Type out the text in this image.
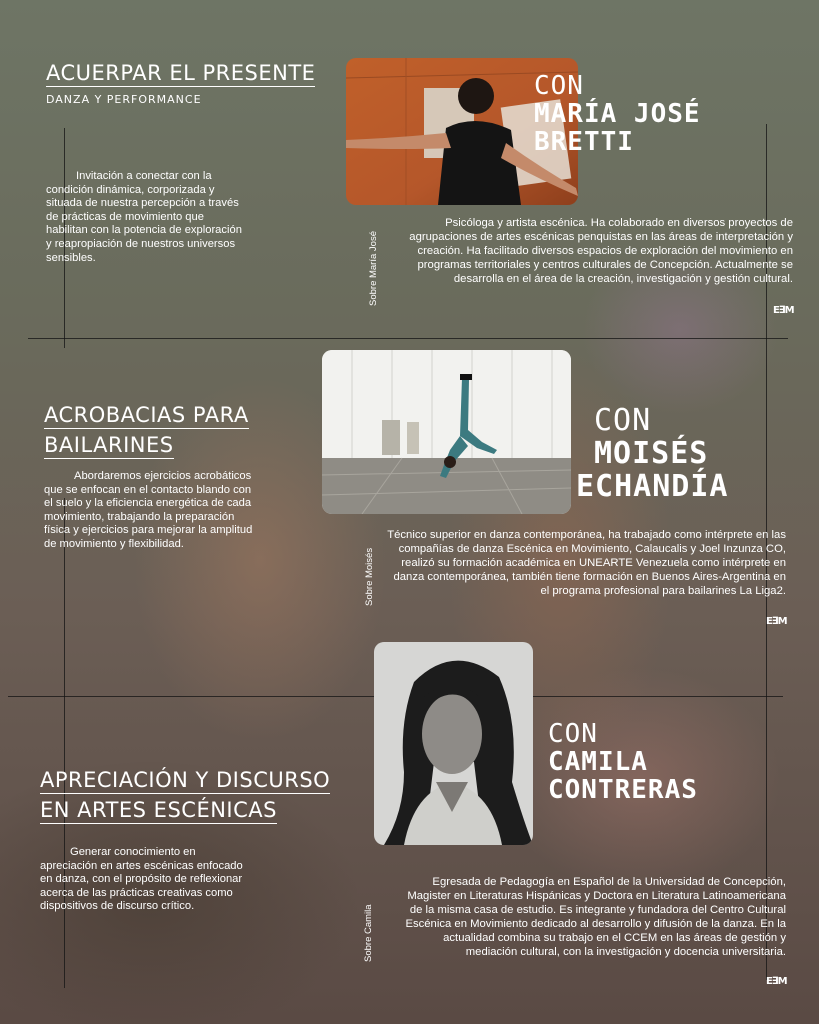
ACUERPAR EL PRESENTE
DANZA Y PERFORMANCE
Invitación a conectar con la condición dinámica, corporizada y situada de nuestra percepción a través de prácticas de movimiento que habilitan con la potencia de exploración y reapropiación de nuestros universos sensibles.
CON
MARÍA JOSÉ
BRETTI
Sobre María José
Psicóloga y artista escénica. Ha colaborado en diversos proyectos de agrupaciones de artes escénicas penquistas en las áreas de interpretación y creación. Ha facilitado diversos espacios de exploración del movimiento en programas territoriales y centros culturales de Concepción. Actualmente se desarrolla en el área de la creación, investigación y gestión cultural.
E∃M
ACROBACIAS PARA
BAILARINES
Abordaremos ejercicios acrobáticos que se enfocan en el contacto blando con el suelo y la eficiencia energética de cada movimiento, trabajando la preparación física y ejercicios para mejorar la amplitud de movimiento y flexibilidad.
CON
MOISÉS
ECHANDÍA
Sobre Moisés
Técnico superior en danza contemporánea, ha trabajado como intérprete en las compañías de danza Escénica en Movimiento, Calaucalis y Joel Inzunza CO, realizó su formación académica en UNEARTE Venezuela como intérprete en danza contemporánea, también tiene formación en Buenos Aires-Argentina en el programa profesional para bailarines La Liga2.
E∃M
APRECIACIÓN Y DISCURSO
EN ARTES ESCÉNICAS
Generar conocimiento en apreciación en artes escénicas enfocado en danza, con el propósito de reflexionar acerca de las prácticas creativas como dispositivos de discurso crítico.
CON
CAMILA
CONTRERAS
Sobre Camila
Egresada de Pedagogía en Español de la Universidad de Concepción, Magister en Literaturas Hispánicas y Doctora en Literatura Latinoamericana de la misma casa de estudio. Es integrante y fundadora del Centro Cultural Escénica en Movimiento dedicado al desarrollo y difusión de la danza. En la actualidad combina su trabajo en el CCEM en las áreas de gestión y mediación cultural, con la investigación y docencia universitaria.
E∃M
